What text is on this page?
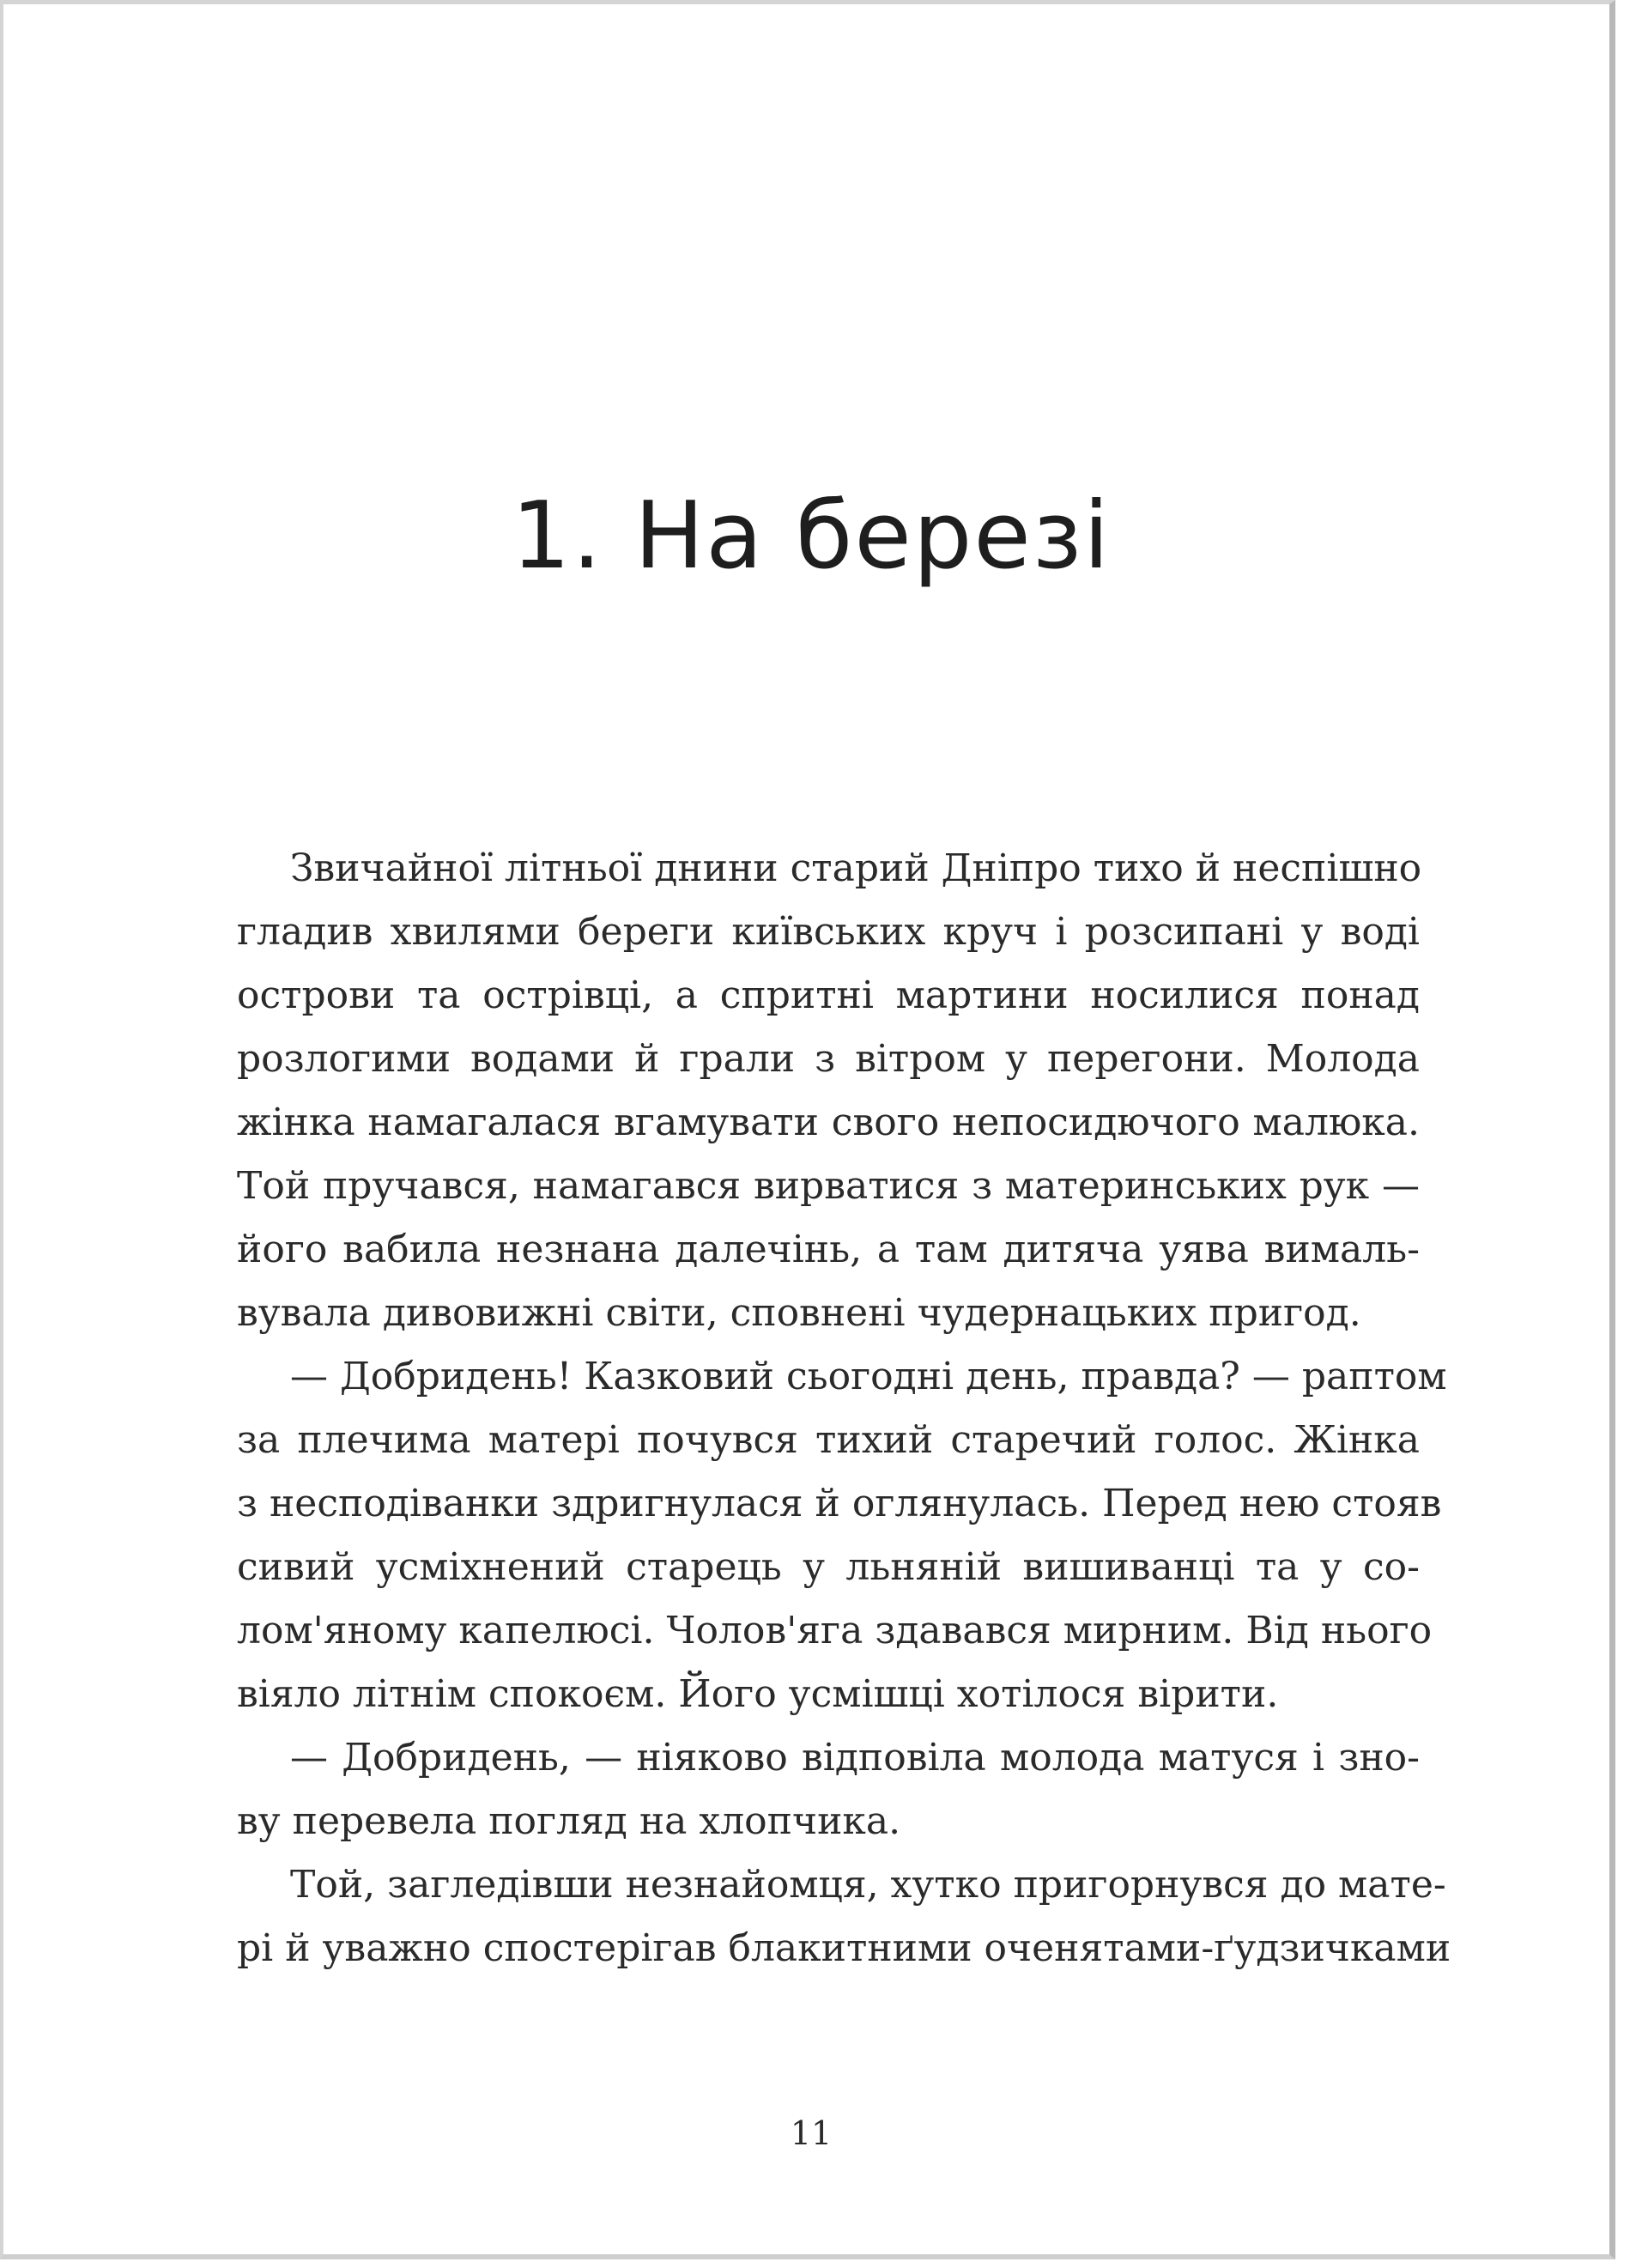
1. На березі

Звичайної літньої днини старий Дніпро тихо й неспішно
гладив хвилями береги київських круч і розсипані у воді
острови та острівці, а спритні мартини носилися понад
розлогими водами й грали з вітром у перегони. Молода
жінка намагалася вгамувати свого непосидючого малюка.
Той пручався, намагався вирватися з материнських рук —
його вабила незнана далечінь, а там дитяча уява вималь-
вувала дивовижні світи, сповнені чудернацьких пригод.

— Добридень! Казковий сьогодні день, правда? — раптом
за плечима матері почувся тихий старечий голос. Жінка
з несподіванки здригнулася й оглянулась. Перед нею стояв
сивий усміхнений старець у льняній вишиванці та у со-
лом'яному капелюсі. Чолов'яга здавався мирним. Від нього
віяло літнім спокоєм. Його усмішці хотілося вірити.

— Добридень, — ніяково відповіла молода матуся і зно-
ву перевела погляд на хлопчика.

Той, загледівши незнайомця, хутко пригорнувся до мате-
рі й уважно спостерігав блакитними оченятами-ґудзичками

11
